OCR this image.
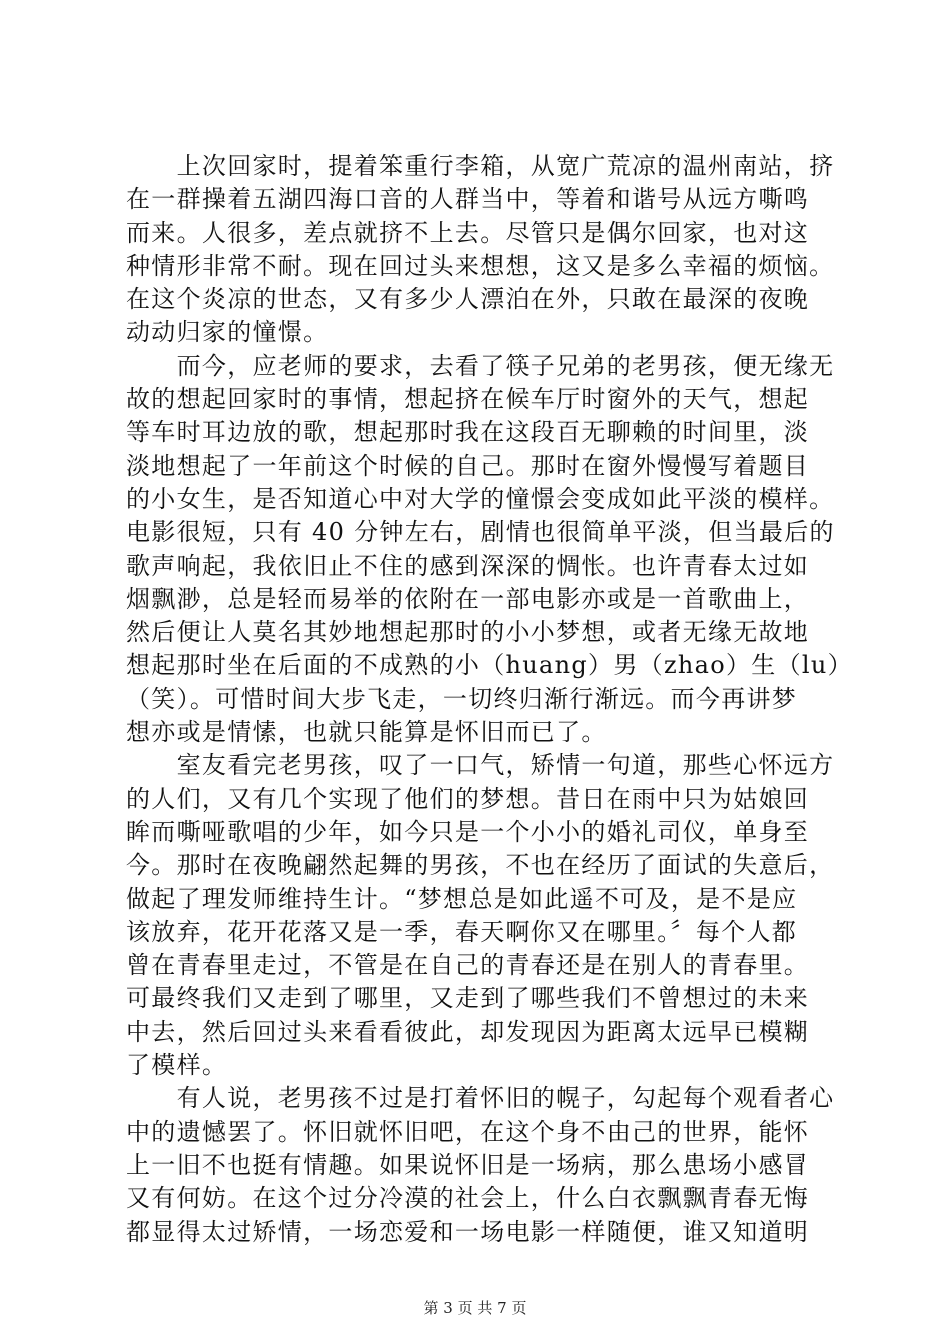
　　上次回家时，提着笨重行李箱，从宽广荒凉的温州南站，挤
在一群操着五湖四海口音的人群当中，等着和谐号从远方嘶鸣
而来。人很多，差点就挤不上去。尽管只是偶尔回家，也对这
种情形非常不耐。现在回过头来想想，这又是多么幸福的烦恼。
在这个炎凉的世态，又有多少人漂泊在外，只敢在最深的夜晚
动动归家的憧憬。
　　而今，应老师的要求，去看了筷子兄弟的老男孩，便无缘无
故的想起回家时的事情，想起挤在候车厅时窗外的天气，想起
等车时耳边放的歌，想起那时我在这段百无聊赖的时间里，淡
淡地想起了一年前这个时候的自己。那时在窗外慢慢写着题目
的小女生，是否知道心中对大学的憧憬会变成如此平淡的模样。
电影很短，只有 40 分钟左右，剧情也很简单平淡，但当最后的
歌声响起，我依旧止不住的感到深深的惆怅。也许青春太过如
烟飘渺，总是轻而易举的依附在一部电影亦或是一首歌曲上，
然后便让人莫名其妙地想起那时的小小梦想，或者无缘无故地
想起那时坐在后面的不成熟的小（huang）男（zhao）生（lu）
（笑）。可惜时间大步飞走，一切终归渐行渐远。而今再讲梦
想亦或是情愫，也就只能算是怀旧而已了。
　　室友看完老男孩，叹了一口气，矫情一句道，那些心怀远方
的人们，又有几个实现了他们的梦想。昔日在雨中只为姑娘回
眸而嘶哑歌唱的少年，如今只是一个小小的婚礼司仪，单身至
今。那时在夜晚翩然起舞的男孩，不也在经历了面试的失意后，
做起了理发师维持生计。“梦想总是如此遥不可及，是不是应
该放弃，花开花落又是一季，春天啊你又在哪里。〞每个人都
曾在青春里走过，不管是在自己的青春还是在别人的青春里。
可最终我们又走到了哪里，又走到了哪些我们不曾想过的未来
中去，然后回过头来看看彼此，却发现因为距离太远早已模糊
了模样。
　　有人说，老男孩不过是打着怀旧的幌子，勾起每个观看者心
中的遗憾罢了。怀旧就怀旧吧，在这个身不由己的世界，能怀
上一旧不也挺有情趣。如果说怀旧是一场病，那么患场小感冒
又有何妨。在这个过分冷漠的社会上，什么白衣飘飘青春无悔
都显得太过矫情，一场恋爱和一场电影一样随便，谁又知道明
第 3 页 共 7 页
